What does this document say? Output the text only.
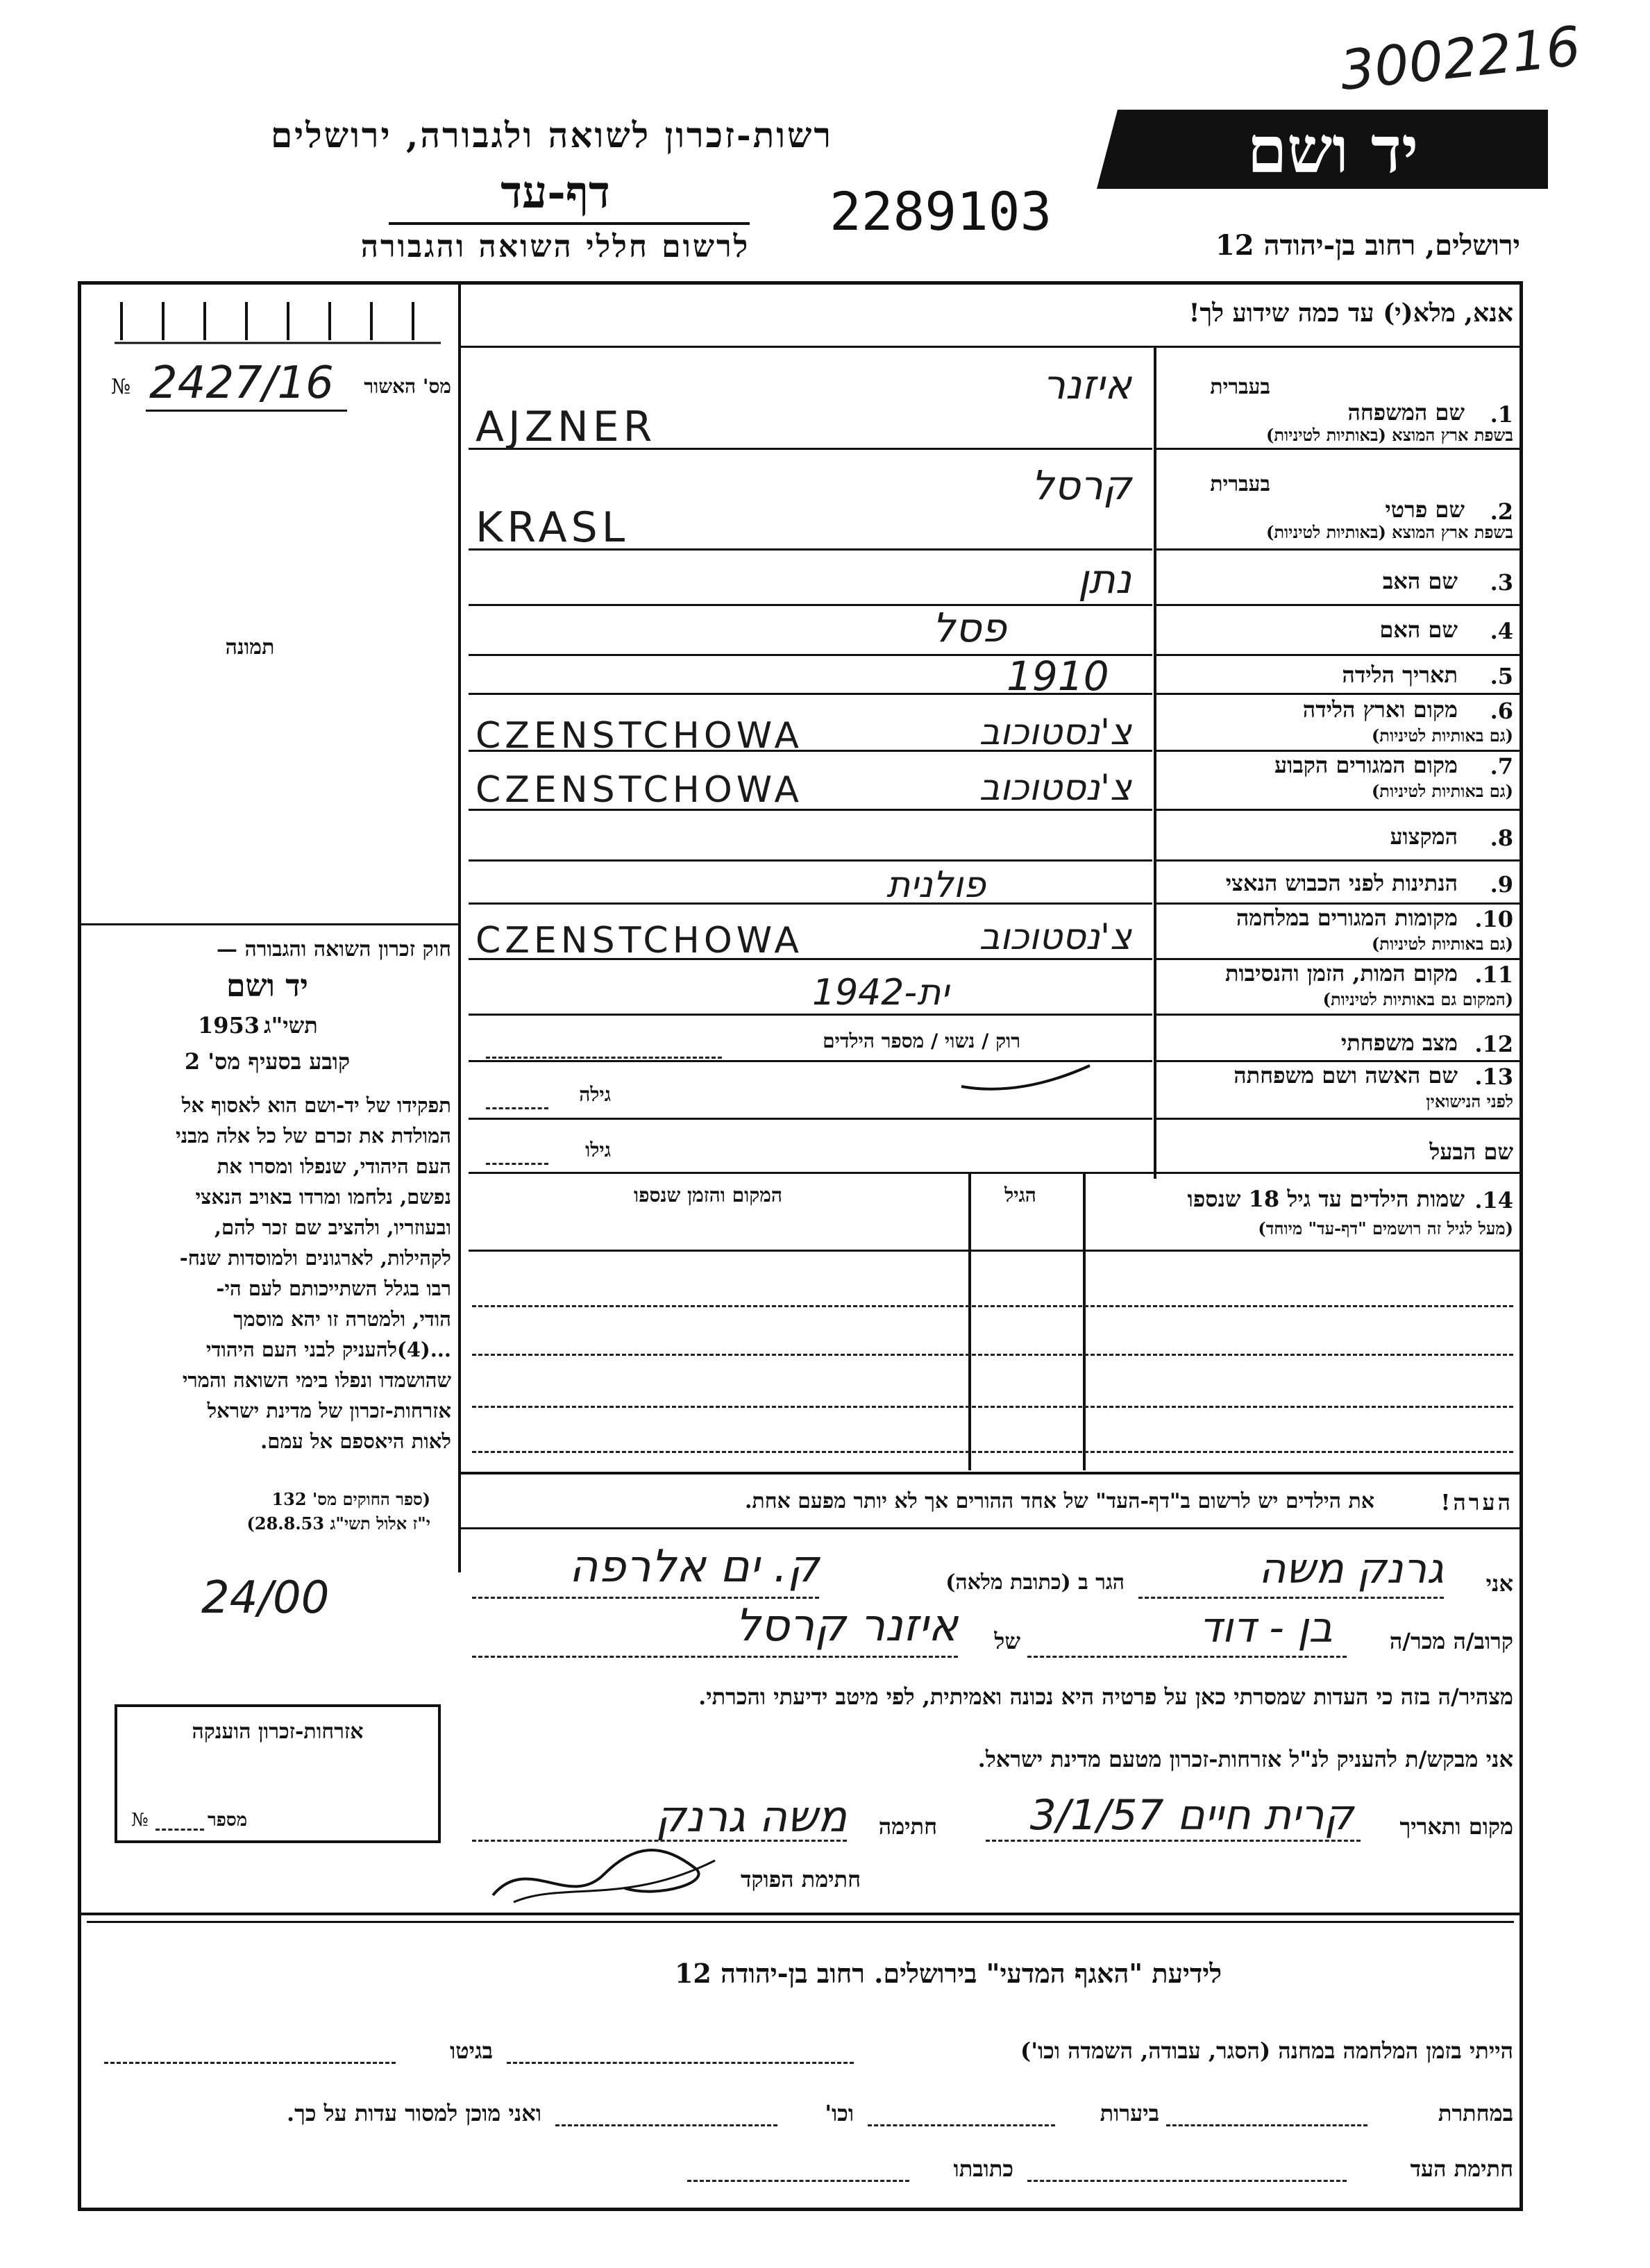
3002216
רשות-זכרון לשואה ולגבורה, ירושלים
דף-עד
לרשום חללי השואה והגבורה
2289103
יד ושם
ירושלים, רחוב בן-יהודה 12
מס' האשור
№ 2427/16
תמונה
חוק זכרון השואה והגבורה —
יד ושם
1953 תשי"ג
קובע בסעיף מס' 2
תפקידו של יד-ושם הוא לאסוף אל
המולדת את זכרם של כל אלה מבני
העם היהודי, שנפלו ומסרו את
נפשם, נלחמו ומרדו באויב הנאצי
ובעוזריו, ולהציב שם זכר להם,
לקהילות, לארגונים ולמוסדות שנח-
רבו בגלל השתייכותם לעם הי-
הודי, ולמטרה זו יהא מוסמך
...(4)להעניק לבני העם היהודי
שהושמדו ונפלו בימי השואה והמרי
אזרחות-זכרון של מדינת ישראל
לאות היאספם אל עמם.
(ספר החוקים מס' 132
י"ז אלול תשי"ג 28.8.53)
24/00
אזרחות-זכרון הוענקה
מספר
№
אנא, מלא(י) עד כמה שידוע לך!
בעברית
1.
שם המשפחה
בשפת ארץ המוצא (באותיות לטיניות)
בעברית
2.
שם פרטי
בשפת ארץ המוצא (באותיות לטיניות)
3.
שם האב
4.
שם האם
5.
תאריך הלידה
6.
מקום וארץ הלידה
(גם באותיות לטיניות)
7.
מקום המגורים הקבוע
(גם באותיות לטיניות)
8.
המקצוע
9.
הנתינות לפני הכבוש הנאצי
10.
מקומות המגורים במלחמה
(גם באותיות לטיניות)
11.
מקום המות, הזמן והנסיבות
(המקום גם באותיות לטיניות)
12.
מצב משפחתי
13.
שם האשה ושם משפחתה
לפני הנישואין
שם הבעל
איזנר
AJZNER
קרסל
KRASL
נתן
פסל
1910
צ'נסטוכוב
CZENSTCHOWA
צ'נסטוכוב
CZENSTCHOWA
פולנית
צ'נסטוכוב
CZENSTCHOWA
1942-ית
רוק / נשוי / מספר הילדים
גילה
גילו
14.
שמות הילדים עד גיל 18 שנספו
(מעל לגיל זה רושמים "דף-עד" מיוחד)
הגיל
המקום והזמן שנספו
הערה!
את הילדים יש לרשום ב"דף-העד" של אחד ההורים אך לא יותר מפעם אחת.
אני
גרנק משה
הגר ב (כתובת מלאה)
ק. ים אלרפה
קרוב/ה מכר/ה
בן - דוד
של
איזנר קרסל
מצהיר/ה בזה כי העדות שמסרתי כאן על פרטיה היא נכונה ואמיתית, לפי מיטב ידיעתי והכרתי.
אני מבקש/ת להעניק לנ"ל אזרחות-זכרון מטעם מדינת ישראל.
מקום ותאריך
קרית חיים 3/1/57
חתימה
משה גרנק
חתימת הפוקד
לידיעת "האגף המדעי" בירושלים. רחוב בן-יהודה 12
הייתי בזמן המלחמה במחנה (הסגר, עבודה, השמדה וכו')
בגיטו
במחתרת
ביערות
וכו'
ואני מוכן למסור עדות על כך.
חתימת העד
כתובתו
